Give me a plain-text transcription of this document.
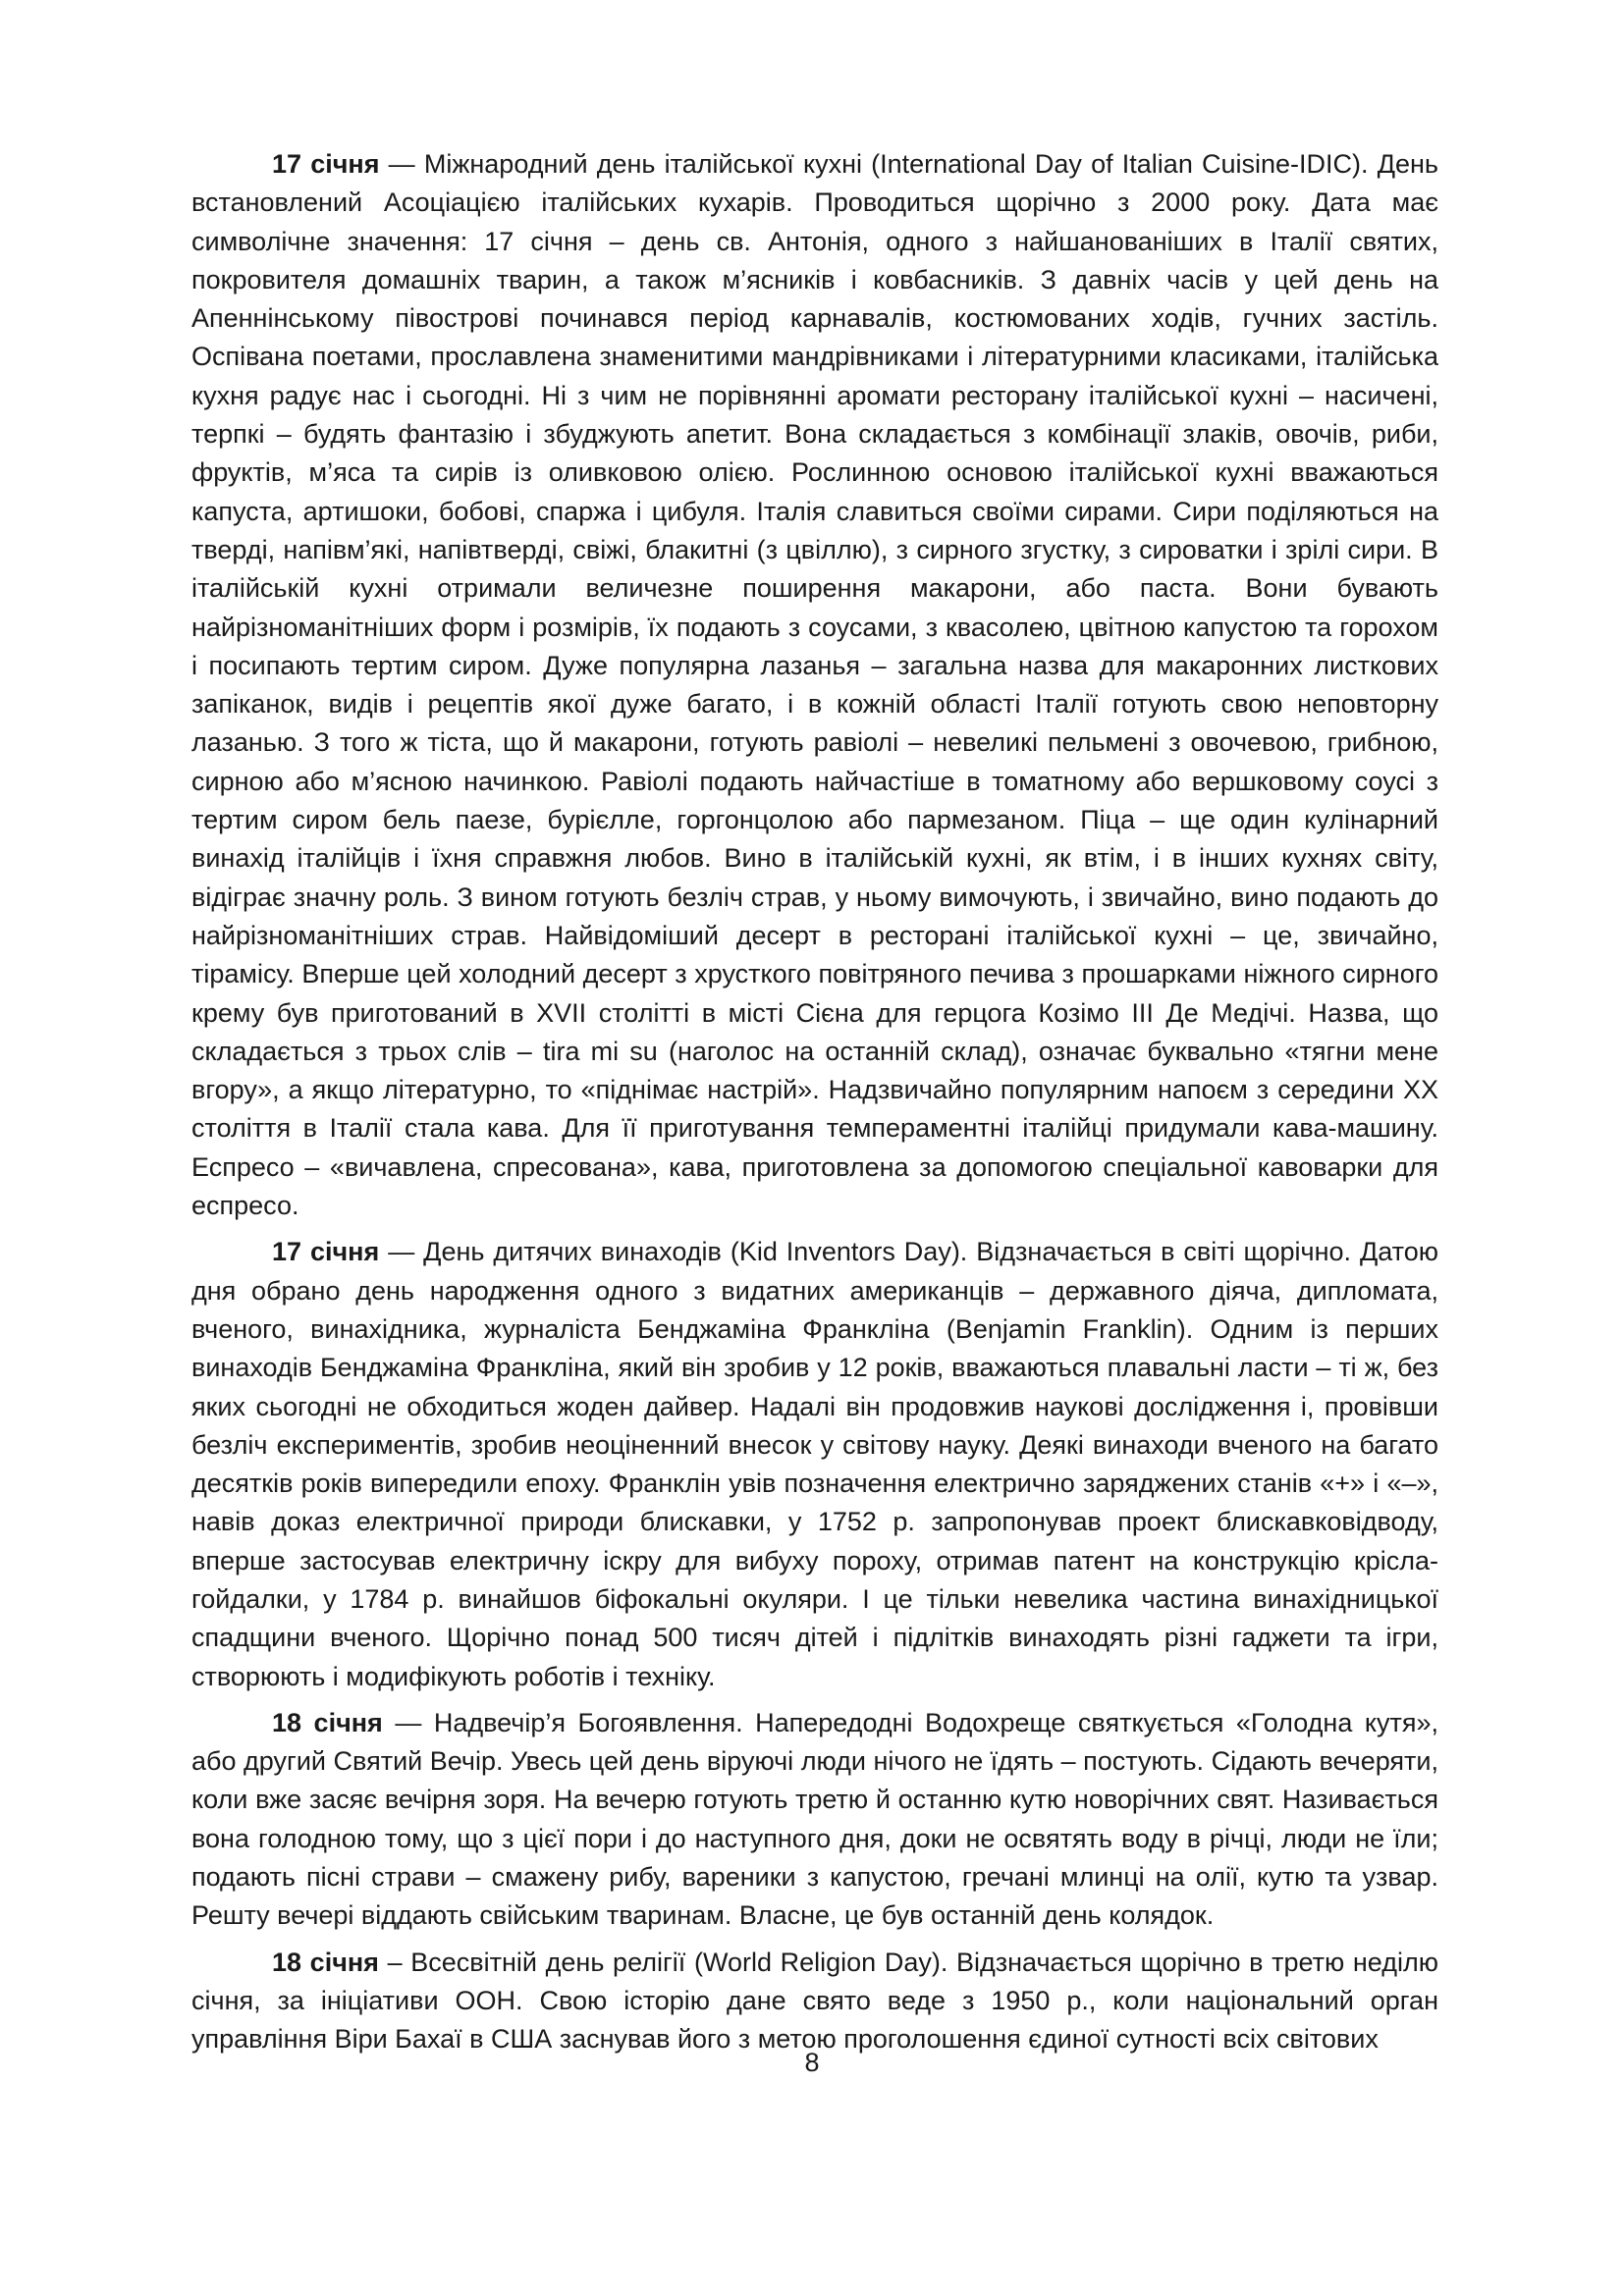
17 січня — Міжнародний день італійської кухні (International Day of Italian Cuisine-IDIC). День встановлений Асоціацією італійських кухарів. Проводиться щорічно з 2000 року. Дата має символічне значення: 17 січня – день св. Антонія, одного з найшанованіших в Італії святих, покровителя домашніх тварин, а також м’ясників і ковбасників. З давніх часів у цей день на Апеннінському півострові починався період карнавалів, костюмованих ходів, гучних застіль. Оспівана поетами, прославлена знаменитими мандрівниками і літературними класиками, італійська кухня радує нас і сьогодні. Ні з чим не порівнянні аромати ресторану італійської кухні – насичені, терпкі – будять фантазію і збуджують апетит. Вона складається з комбінації злаків, овочів, риби, фруктів, м’яса та сирів із оливковою олією. Рослинною основою італійської кухні вважаються капуста, артишоки, бобові, спаржа і цибуля. Італія славиться своїми сирами. Сири поділяються на тверді, напівм’які, напівтверді, свіжі, блакитні (з цвіллю), з сирного згустку, з сироватки і зрілі сири. В італійській кухні отримали величезне поширення макарони, або паста. Вони бувають найрізноманітніших форм і розмірів, їх подають з соусами, з квасолею, цвітною капустою та горохом і посипають тертим сиром. Дуже популярна лазанья – загальна назва для макаронних листкових запіканок, видів і рецептів якої дуже багато, і в кожній області Італії готують свою неповторну лазанью. З того ж тіста, що й макарони, готують равіолі – невеликі пельмені з овочевою, грибною, сирною або м’ясною начинкою. Равіолі подають найчастіше в томатному або вершковому соусі з тертим сиром бель паезе, бурієлле, горгонцолою або пармезаном. Піца – ще один кулінарний винахід італійців і їхня справжня любов. Вино в італійській кухні, як втім, і в інших кухнях світу, відіграє значну роль. З вином готують безліч страв, у ньому вимочують, і звичайно, вино подають до найрізноманітніших страв. Найвідоміший десерт в ресторані італійської кухні – це, звичайно, тірамісу. Вперше цей холодний десерт з хрусткого повітряного печива з прошарками ніжного сирного крему був приготований в XVII столітті в місті Сієна для герцога Козімо III Де Медічі. Назва, що складається з трьох слів – tira mi su (наголос на останній склад), означає буквально «тягни мене вгору», а якщо літературно, то «піднімає настрій». Надзвичайно популярним напоєм з середини XX століття в Італії стала кава. Для її приготування темпераментні італійці придумали кава-машину. Еспресо – «вичавлена, спресована», кава, приготовлена за допомогою спеціальної кавоварки для еспресо.

17 січня — День дитячих винаходів (Kid Inventors Day). Відзначається в світі щорічно. Датою дня обрано день народження одного з видатних американців – державного діяча, дипломата, вченого, винахідника, журналіста Бенджаміна Франкліна (Benjamin Franklin). Одним із перших винаходів Бенджаміна Франкліна, який він зробив у 12 років, вважаються плавальні ласти – ті ж, без яких сьогодні не обходиться жоден дайвер. Надалі він продовжив наукові дослідження і, провівши безліч експериментів, зробив неоціненний внесок у світову науку. Деякі винаходи вченого на багато десятків років випередили епоху. Франклін увів позначення електрично заряджених станів «+» і «–», навів доказ електричної природи блискавки, у 1752 р. запропонував проект блискавковідводу, вперше застосував електричну іскру для вибуху пороху, отримав патент на конструкцію крісла-гойдалки, у 1784 р. винайшов біфокальні окуляри. І це тільки невелика частина винахідницької спадщини вченого. Щорічно понад 500 тисяч дітей і підлітків винаходять різні гаджети та ігри, створюють і модифікують роботів і техніку.

18 січня — Надвечір’я Богоявлення. Напередодні Водохреще святкується «Голодна кутя», або другий Святий Вечір. Увесь цей день віруючі люди нічого не їдять – постують. Сідають вечеряти, коли вже засяє вечірня зоря. На вечерю готують третю й останню кутю новорічних свят. Називається вона голодною тому, що з цієї пори і до наступного дня, доки не освятять воду в річці, люди не їли; подають пісні страви – смажену рибу, вареники з капустою, гречані млинці на олії, кутю та узвар. Решту вечері віддають свійським тваринам. Власне, це був останній день колядок.

18 січня – Всесвітній день релігії (World Religion Day). Відзначається щорічно в третю неділю січня, за ініціативи ООН. Свою історію дане свято веде з 1950 р., коли національний орган управління Віри Бахаї в США заснував його з метою проголошення єдиної сутності всіх світових

8
